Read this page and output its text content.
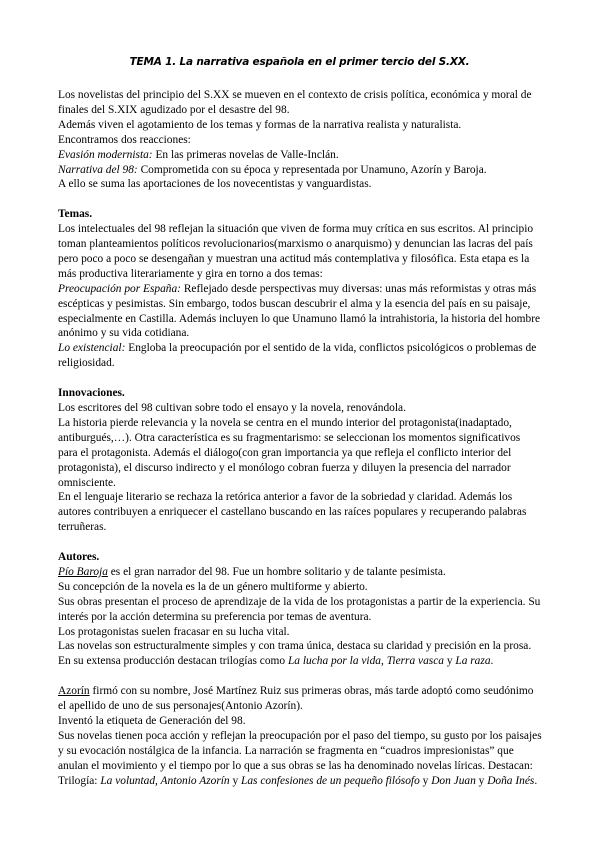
TEMA 1. La narrativa española en el primer tercio del S.XX.

Los novelistas del principio del S.XX se mueven en el contexto de crisis política, económica y moral de finales del S.XIX agudizado por el desastre del 98.

Además viven el agotamiento de los temas y formas de la narrativa realista y naturalista.

Encontramos dos reacciones:

Evasión modernista: En las primeras novelas de Valle-Inclán.

Narrativa del 98: Comprometida con su época y representada por Unamuno, Azorín y Baroja.

A ello se suma las aportaciones de los novecentistas y vanguardistas.

Temas.

Los intelectuales del 98 reflejan la situación que viven de forma muy crítica en sus escritos. Al principio toman planteamientos políticos revolucionarios(marxismo o anarquismo) y denuncian las lacras del país pero poco a poco se desengañan y muestran una actitud más contemplativa y filosófica. Esta etapa es la más productiva literariamente y gira en torno a dos temas:

Preocupación por España: Reflejado desde perspectivas muy diversas: unas más reformistas y otras más escépticas y pesimistas. Sin embargo, todos buscan descubrir el alma y la esencia del país en su paisaje, especialmente en Castilla. Además incluyen lo que Unamuno llamó la intrahistoria, la historia del hombre anónimo y su vida cotidiana.

Lo existencial: Engloba la preocupación por el sentido de la vida, conflictos psicológicos o problemas de religiosidad.

Innovaciones.

Los escritores del 98 cultivan sobre todo el ensayo y la novela, renovándola.

La historia pierde relevancia y la novela se centra en el mundo interior del protagonista(inadaptado, antiburgués,…). Otra característica es su fragmentarismo: se seleccionan los momentos significativos para el protagonista. Además el diálogo(con gran importancia ya que refleja el conflicto interior del protagonista), el discurso indirecto y el monólogo cobran fuerza y diluyen la presencia del narrador omnisciente.

En el lenguaje literario se rechaza la retórica anterior a favor de la sobriedad y claridad. Además los autores contribuyen a enriquecer el castellano buscando en las raíces populares y recuperando palabras terruñeras.

Autores.

Pío Baroja es el gran narrador del 98. Fue un hombre solitario y de talante pesimista.

Su concepción de la novela es la de un género multiforme y abierto.

Sus obras presentan el proceso de aprendizaje de la vida de los protagonistas a partir de la experiencia. Su interés por la acción determina su preferencia por temas de aventura.

Los protagonistas suelen fracasar en su lucha vital.

Las novelas son estructuralmente simples y con trama única, destaca su claridad y precisión en la prosa.

En su extensa producción destacan trilogías como La lucha por la vida, Tierra vasca y La raza.

Azorín firmó con su nombre, José Martínez Ruiz sus primeras obras, más tarde adoptó como seudónimo el apellido de uno de sus personajes(Antonio Azorín).

Inventó la etiqueta de Generación del 98.

Sus novelas tienen poca acción y reflejan la preocupación por el paso del tiempo, su gusto por los paisajes y su evocación nostálgica de la infancia. La narración se fragmenta en “cuadros impresionistas” que anulan el movimiento y el tiempo por lo que a sus obras se las ha denominado novelas líricas. Destacan: Trilogía: La voluntad, Antonio Azorín y Las confesiones de un pequeño filósofo y Don Juan y Doña Inés.
